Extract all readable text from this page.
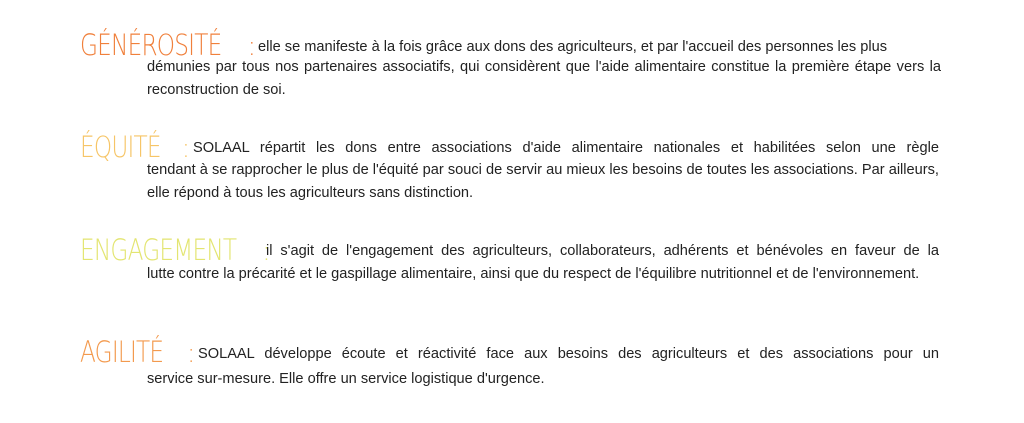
GÉNÉROSITÉ : elle se manifeste à la fois grâce aux dons des agriculteurs, et par l'accueil des personnes les plus
démunies par tous nos partenaires associatifs, qui considèrent que l'aide alimentaire constitue la première étape vers la reconstruction de soi.
ÉQUITÉ : SOLAAL répartit les dons entre associations d'aide alimentaire nationales et habilitées selon une règle
tendant à se rapprocher le plus de l'équité par souci de servir au mieux les besoins de toutes les associations. Par ailleurs, elle répond à tous les agriculteurs sans distinction.
ENGAGEMENT :
il s'agit de l'engagement des agriculteurs, collaborateurs, adhérents et bénévoles en faveur de la
lutte contre la précarité et le gaspillage alimentaire, ainsi que du respect de l'équilibre nutritionnel et de l'environnement.
AGILITÉ : SOLAAL développe écoute et réactivité face aux besoins des agriculteurs et des associations pour un
service sur-mesure. Elle offre un service logistique d'urgence.
